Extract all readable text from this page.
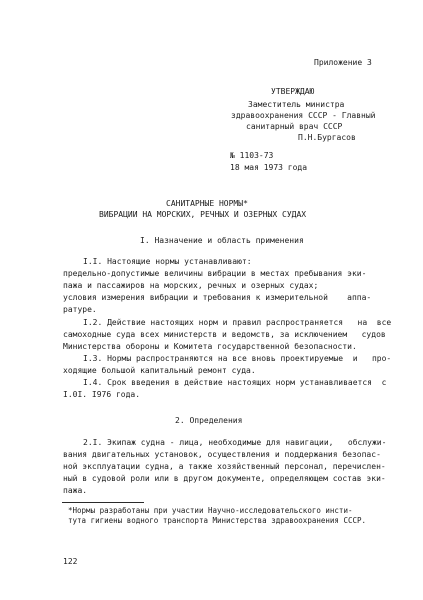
Приложение 3
УТВЕРЖДАЮ
Заместитель министра
здравоохранения СССР - Главный
санитарный врач СССР
П.Н.Бургасов
№ 1103-73
18 мая 1973 года
САНИТАРНЫЕ НОРМЫ*
ВИБРАЦИИ НА МОРСКИХ, РЕЧНЫХ И ОЗЕРНЫХ СУДАХ
I. Назначение и область применения
I.I. Настоящие нормы устанавливают:
предельно-допустимые величины вибрации в местах пребывания эки-
пажа и пассажиров на морских, речных и озерных судах;
условия измерения вибрации и требования к измерительной    аппа-
ратуре.
I.2. Действие настоящих норм и правил распространяется   на  все
самоходные суда всех министерств и ведомств, за исключением   судов
Министерства обороны и Комитета государственной безопасности.
I.3. Нормы распространяются на все вновь проектируемые  и   про-
ходящие большой капитальный ремонт суда.
I.4. Срок введения в действие настоящих норм устанавливается  с
I.0I. I976 года.
2. Определения
2.I. Экипаж судна - лица, необходимые для навигации,   обслужи-
вания двигательных установок, осуществления и поддержания безопас-
ной эксплуатации судна, а также хозяйственный персонал, перечислен-
ный в судовой роли или в другом документе, определяющем состав эки-
пажа.
*Нормы разработаны при участии Научно-исследовательского инсти-
тута гигиены водного транспорта Министерства здравоохранения СССР.
122
